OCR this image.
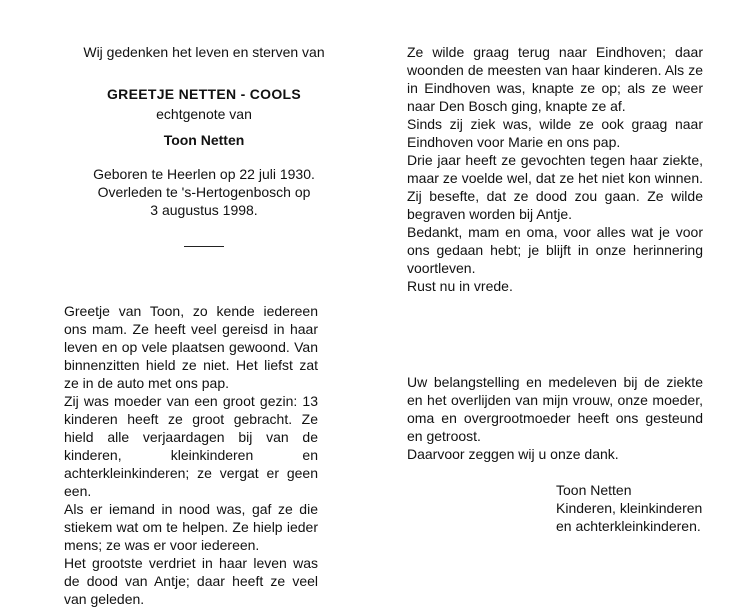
Wij gedenken het leven en sterven van

GREETJE NETTEN - COOLS

echtgenote van

Toon Netten

Geboren te Heerlen op 22 juli 1930.

Overleden te 's-Hertogenbosch op

3 augustus 1998.

Greetje van Toon, zo kende iedereen ons mam. Ze heeft veel gereisd in haar leven en op vele plaatsen gewoond. Van binnenzitten hield ze niet. Het liefst zat ze in de auto met ons pap.

Zij was moeder van een groot gezin: 13 kinderen heeft ze groot gebracht. Ze hield alle verjaardagen bij van de kinderen, kleinkinderen en achterkleinkinderen; ze vergat er geen een.

Als er iemand in nood was, gaf ze die stiekem wat om te helpen. Ze hielp ieder mens; ze was er voor iedereen.

Het grootste verdriet in haar leven was de dood van Antje; daar heeft ze veel van geleden.

Ze wilde graag terug naar Eindhoven; daar woonden de meesten van haar kinderen. Als ze in Eindhoven was, knapte ze op; als ze weer naar Den Bosch ging, knapte ze af.

Sinds zij ziek was, wilde ze ook graag naar Eindhoven voor Marie en ons pap.

Drie jaar heeft ze gevochten tegen haar ziekte, maar ze voelde wel, dat ze het niet kon winnen. Zij besefte, dat ze dood zou gaan. Ze wilde begraven worden bij Antje.

Bedankt, mam en oma, voor alles wat je voor ons gedaan hebt; je blijft in onze herinnering voortleven.

Rust nu in vrede.

Uw belangstelling en medeleven bij de ziekte en het overlijden van mijn vrouw, onze moeder, oma en overgrootmoeder heeft ons gesteund en getroost.

Daarvoor zeggen wij u onze dank.

Toon Netten

Kinderen, kleinkinderen

en achterkleinkinderen.
